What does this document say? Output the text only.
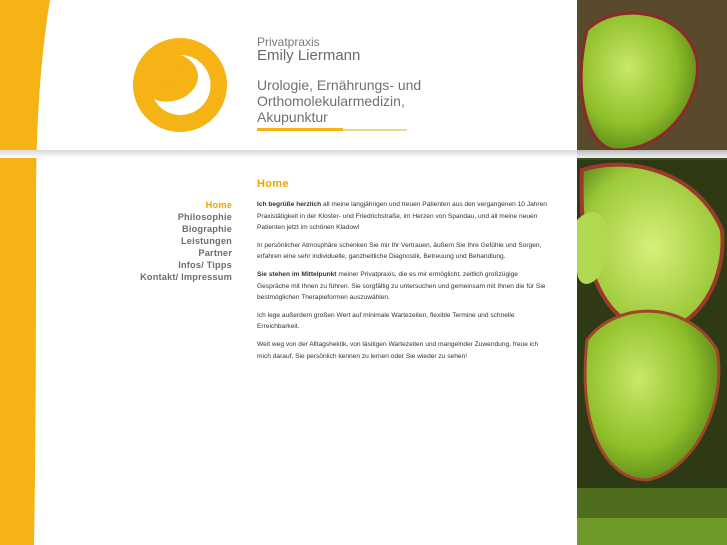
Privatpraxis
Emily Liermann
Urologie, Ernährungs- und
Orthomolekularmedizin,
Akupunktur
Home
Philosophie
Biographie
Leistungen
Partner
Infos/ Tipps
Kontakt/ Impressum
Home

Ich begrüße herzlich all meine langjährigen und treuen Patienten aus den vergangenen 10 Jahren Praxistätigkeit in der Kloster- und Friedrichstraße, im Herzen von Spandau, und all meine neuen Patienten jetzt im schönen Kladow!

In persönlicher Atmosphäre schenken Sie mir Ihr Vertrauen, äußern Sie Ihre Gefühle und Sorgen, erfahren eine sehr individuelle, ganzheitliche Diagnostik, Betreuung und Behandlung.

Sie stehen im Mittelpunkt meiner Privatpraxis, die es mir ermöglicht, zeitlich großzügige Gespräche mit Ihnen zu führen. Sie sorgfältig zu untersuchen und gemeinsam mit Ihnen die für Sie bestmöglichen Therapieformen auszuwählen.

Ich lege außerdem großen Wert auf minimale Wartezeiten, flexible Termine und schnelle Erreichbarkeit.

Weit weg von der Alltagshektik, von läsitigen Wartezeiten und mangelnder Zuwendung, freue ich mich darauf, Sie persönlich kennen zu lernen oder Sie wieder zu sehen!
